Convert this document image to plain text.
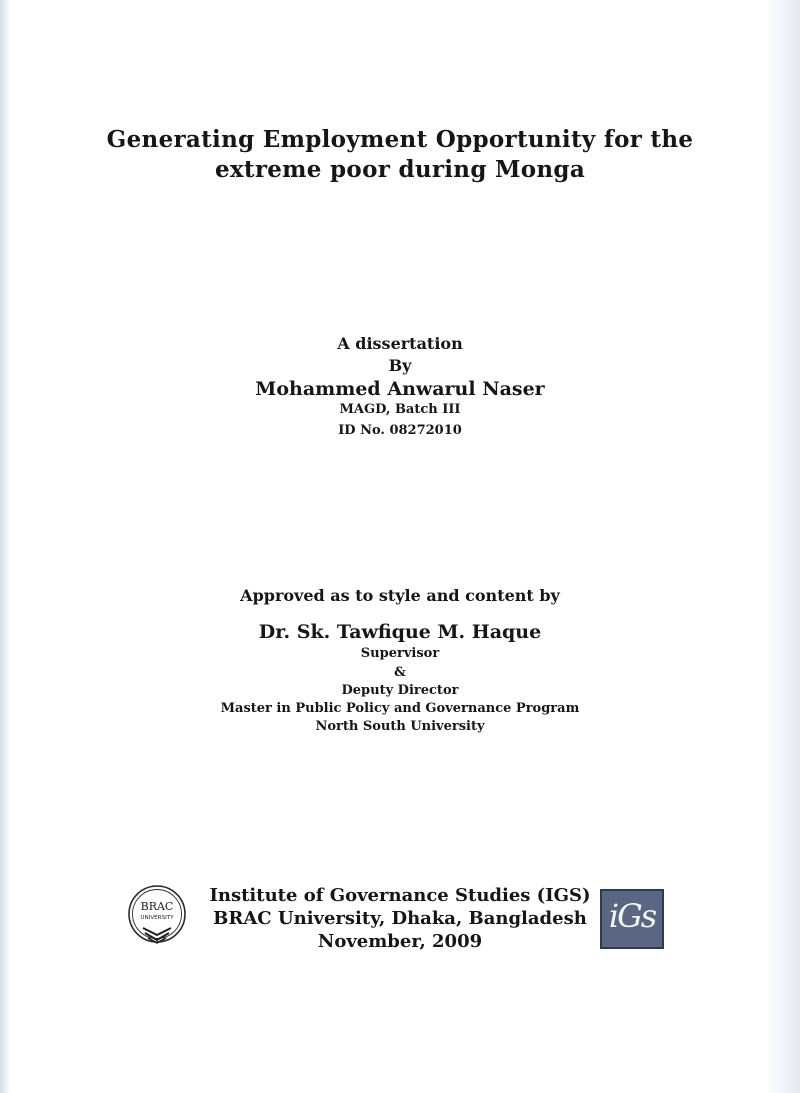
Generating Employment Opportunity for the
extreme poor during Monga
A dissertation
By
Mohammed Anwarul Naser
MAGD, Batch III
ID No. 08272010
Approved as to style and content by
Dr. Sk. Tawfique M. Haque
Supervisor
&
Deputy Director
Master in Public Policy and Governance Program
North South University
Institute of Governance Studies (IGS)
BRAC University, Dhaka, Bangladesh
November, 2009
BRAC
UNIVERSITY	iGs
